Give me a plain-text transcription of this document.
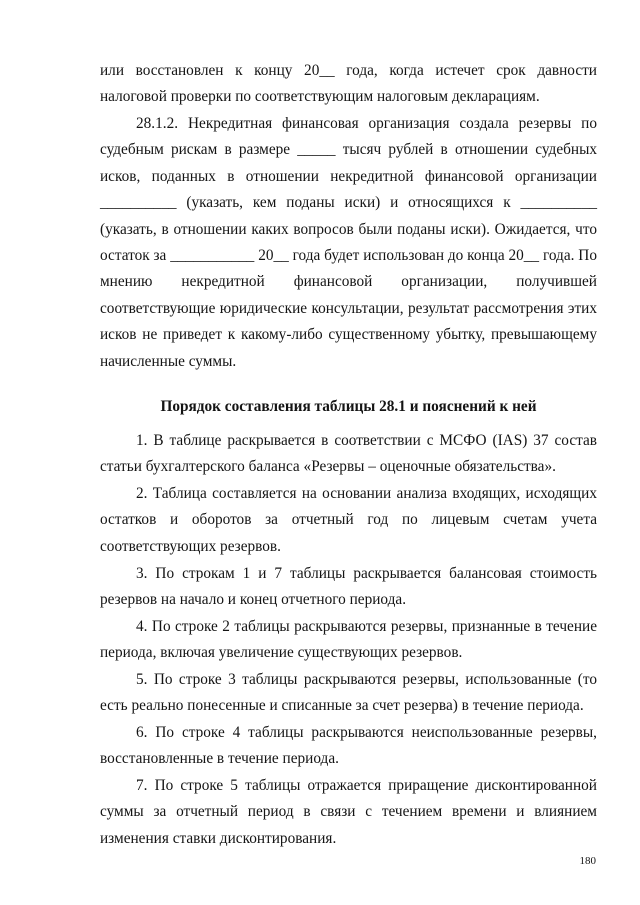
или восстановлен к концу 20__ года, когда истечет срок давности налоговой проверки по соответствующим налоговым декларациям.

28.1.2. Некредитная финансовая организация создала резервы по судебным рискам в размере _____ тысяч рублей в отношении судебных исков, поданных в отношении некредитной финансовой организации __________ (указать, кем поданы иски) и относящихся к __________ (указать, в отношении каких вопросов были поданы иски). Ожидается, что остаток за ___________ 20__ года будет использован до конца 20__ года. По мнению некредитной финансовой организации, получившей соответствующие юридические консультации, результат рассмотрения этих исков не приведет к какому-либо существенному убытку, превышающему начисленные суммы.

Порядок составления таблицы 28.1 и пояснений к ней

1. В таблице раскрывается в соответствии с МСФО (IAS) 37 состав статьи бухгалтерского баланса «Резервы – оценочные обязательства».

2. Таблица составляется на основании анализа входящих, исходящих остатков и оборотов за отчетный год по лицевым счетам учета соответствующих резервов.

3. По строкам 1 и 7 таблицы раскрывается балансовая стоимость резервов на начало и конец отчетного периода.

4. По строке 2 таблицы раскрываются резервы, признанные в течение периода, включая увеличение существующих резервов.

5. По строке 3 таблицы раскрываются резервы, использованные (то есть реально понесенные и списанные за счет резерва) в течение периода.

6. По строке 4 таблицы раскрываются неиспользованные резервы, восстановленные в течение периода.

7. По строке 5 таблицы отражается приращение дисконтированной суммы за отчетный период в связи с течением времени и влиянием изменения ставки дисконтирования.

180
